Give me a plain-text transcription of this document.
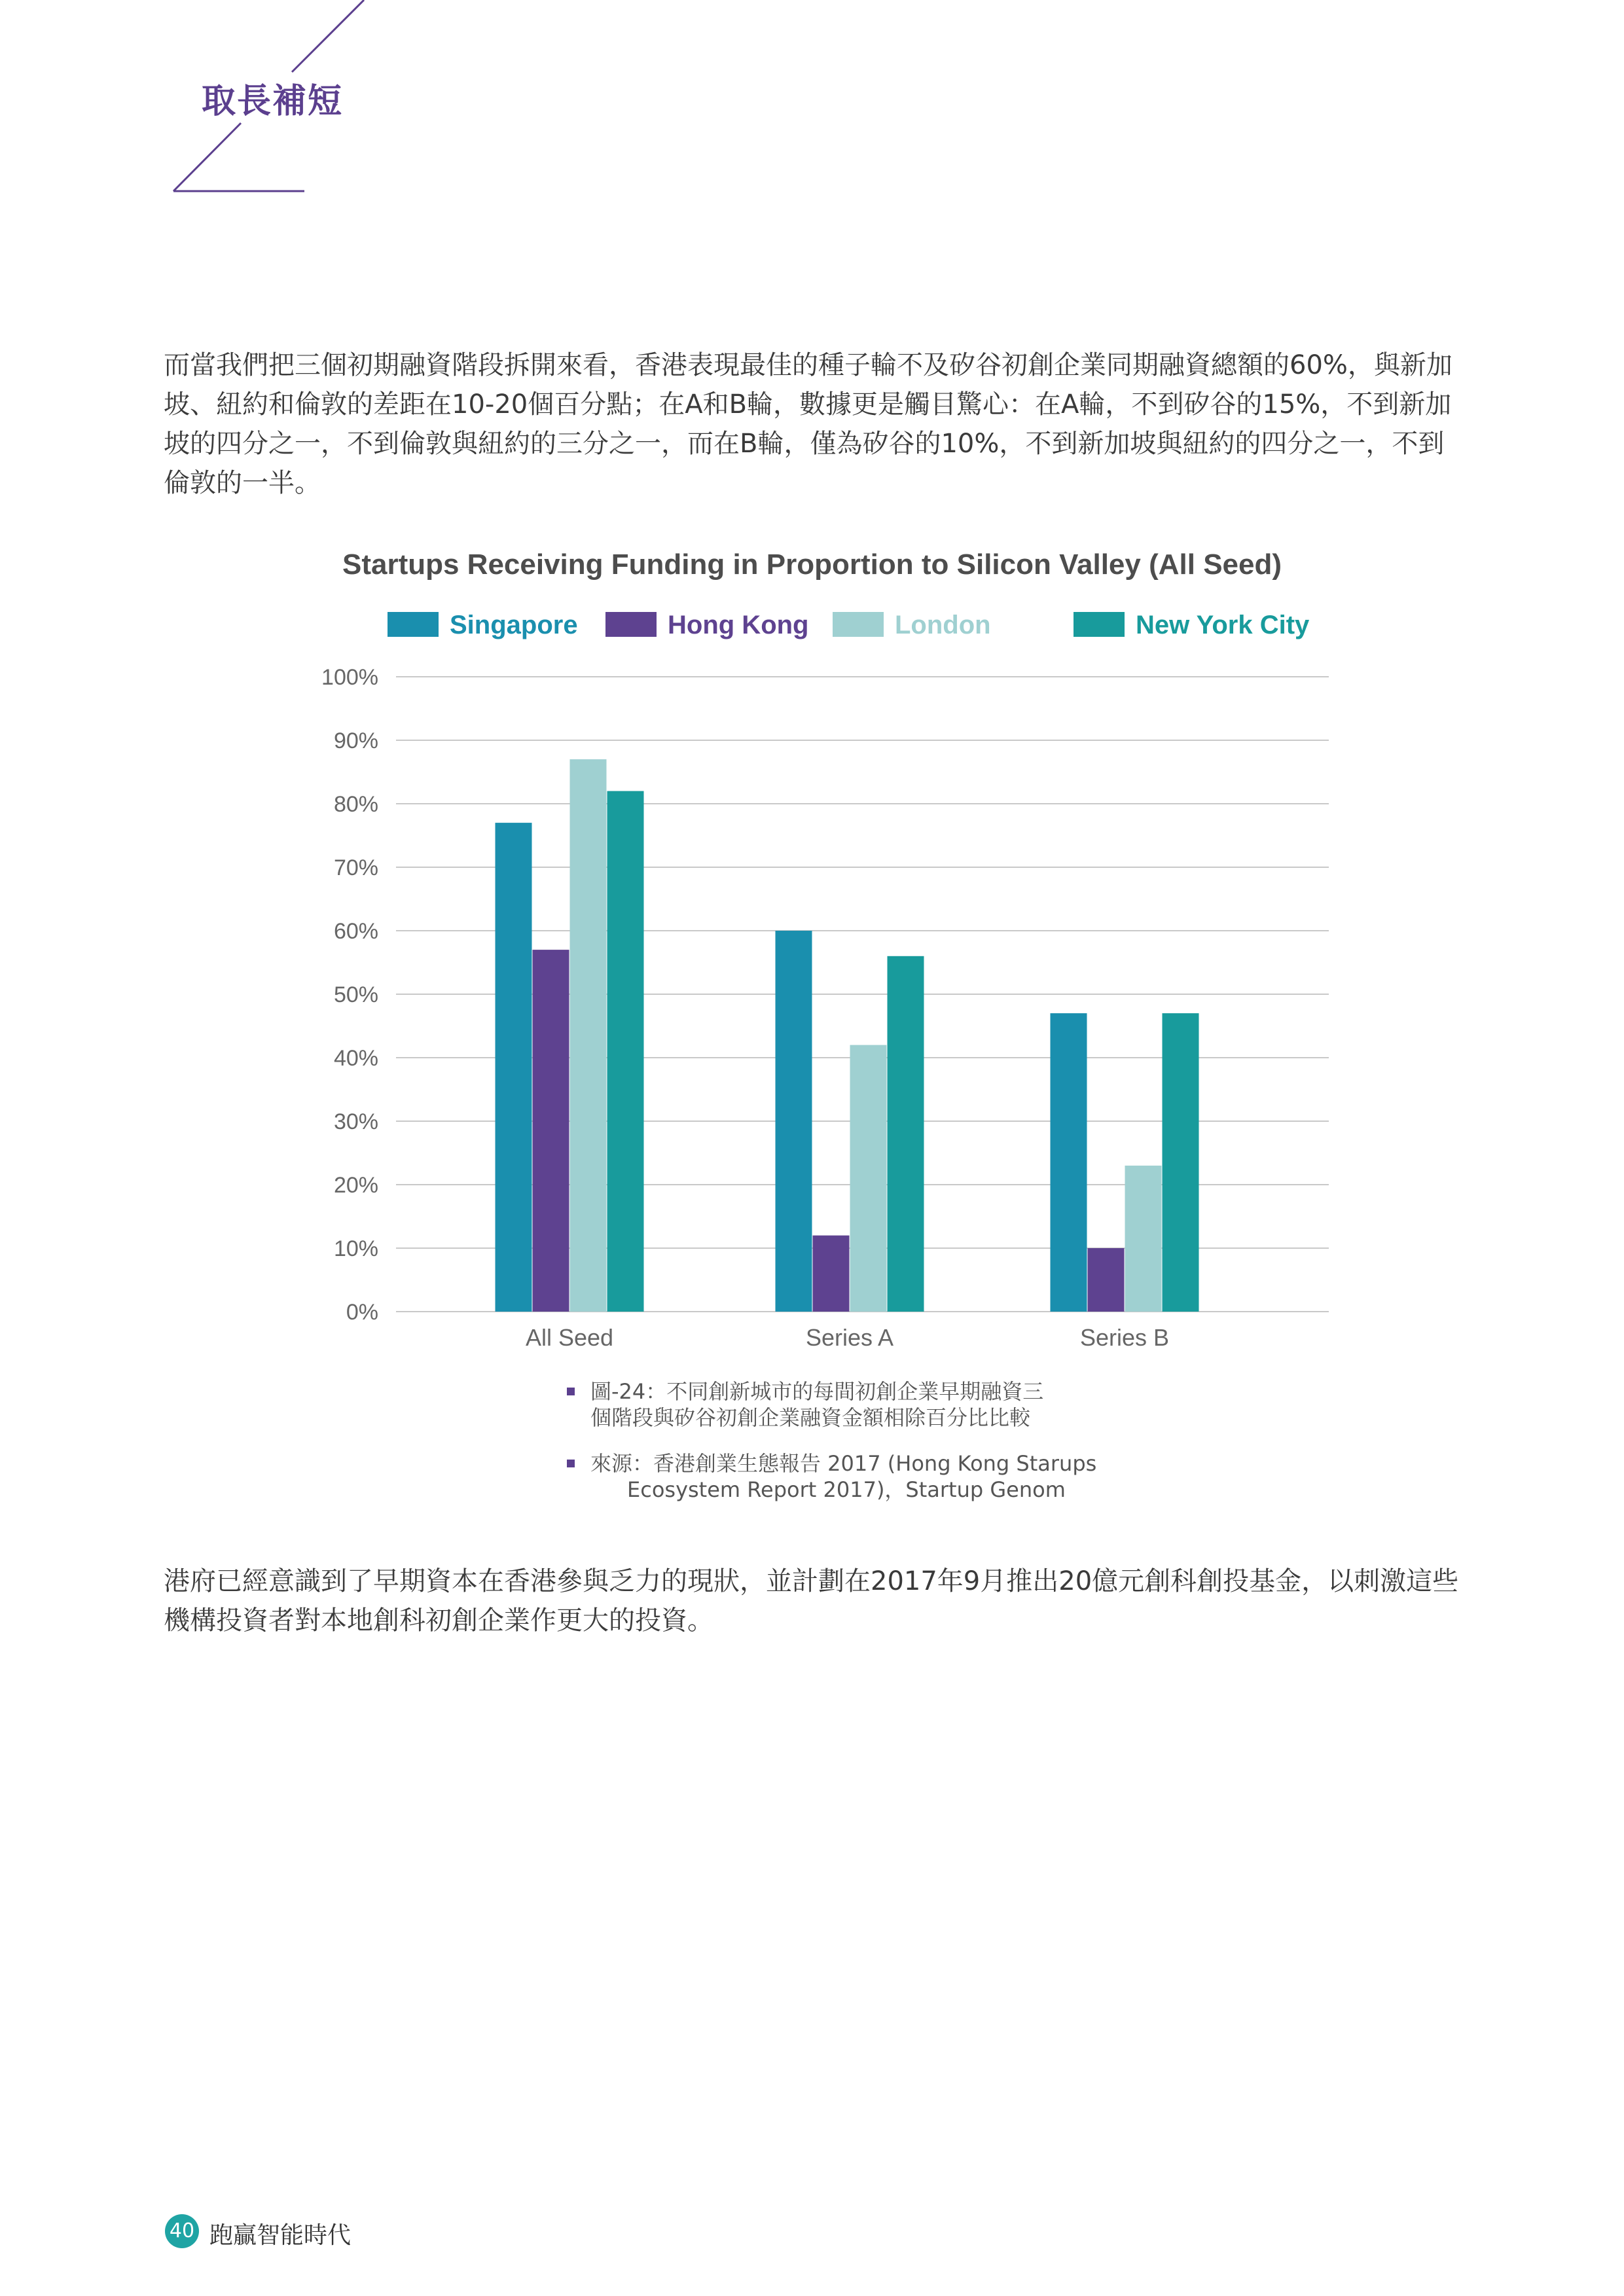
取長補短

而當我們把三個初期融資階段拆開來看，香港表現最佳的種子輪不及矽谷初創企業同期融資總額的60%，與新加坡、紐約和倫敦的差距在10-20個百分點；在A和B輪，數據更是觸目驚心：在A輪，不到矽谷的15%，不到新加坡的四分之一，不到倫敦與紐約的三分之一，而在B輪，僅為矽谷的10%，不到新加坡與紐約的四分之一，不到倫敦的一半。

Startups Receiving Funding in Proportion to Silicon Valley (All Seed)
Singapore	Hong Kong	London	New York City
0%
10%
20%
30%
40%
50%
60%
70%
80%
90%
100%
All Seed	Series A	Series B
圖-24：不同創新城市的每間初創企業早期融資三
個階段與矽谷初創企業融資金額相除百分比比較
來源：香港創業生態報告 2017 (Hong Kong Starups
Ecosystem Report 2017)，Startup Genom

港府已經意識到了早期資本在香港參與乏力的現狀，並計劃在2017年9月推出20億元創科創投基金，以刺激這些機構投資者對本地創科初創企業作更大的投資。

40 跑贏智能時代
